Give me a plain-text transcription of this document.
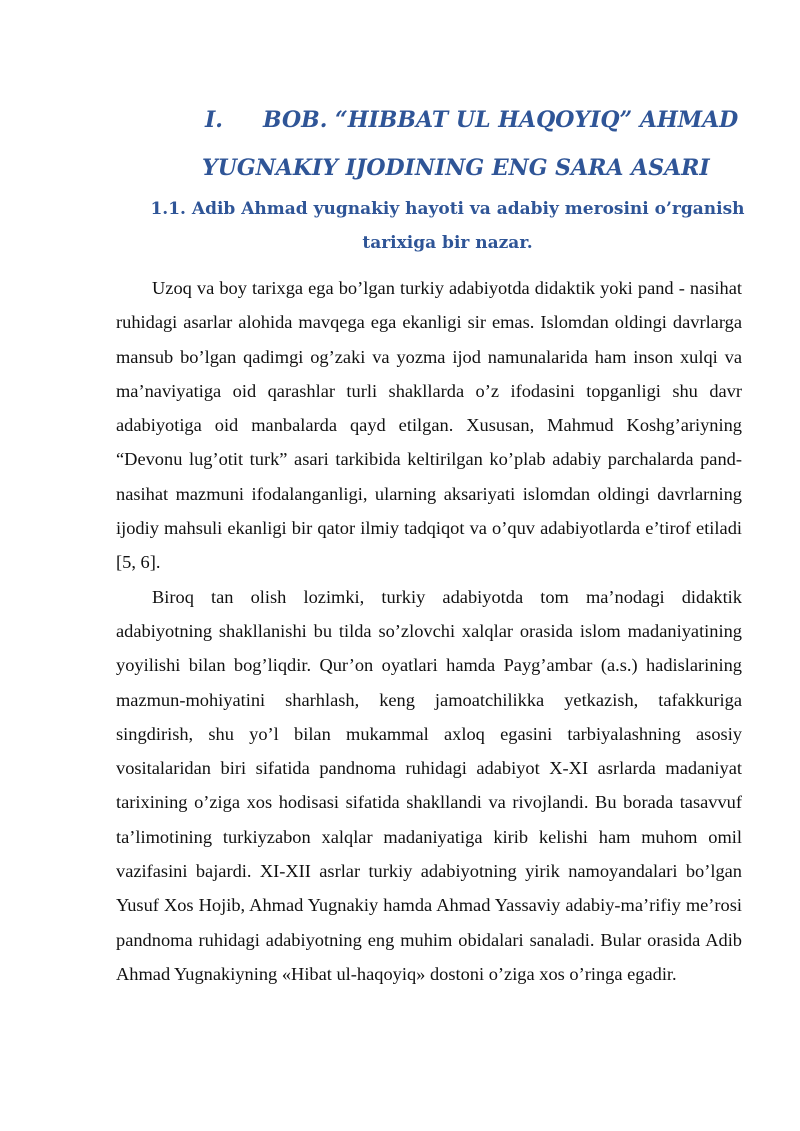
I. BOB. “HIBBAT UL HAQOYIQ” AHMAD
YUGNAKIY IJODINING ENG SARA ASARI
1.1. Adib Ahmad yugnakiy hayoti va adabiy merosini o’rganish tarixiga bir nazar.

Uzoq va boy tarixga ega bo’lgan turkiy adabiyotda didaktik yoki pand - nasihat ruhidagi asarlar alohida mavqega ega ekanligi sir emas. Islomdan oldingi davrlarga mansub bo’lgan qadimgi og’zaki va yozma ijod namunalarida ham inson xulqi va ma’naviyatiga oid qarashlar turli shakllarda o’z ifodasini topganligi shu davr adabiyotiga oid manbalarda qayd etilgan. Xususan, Mahmud Koshg’ariyning “Devonu lug’otit turk” asari tarkibida keltirilgan ko’plab adabiy parchalarda pand-nasihat mazmuni ifodalanganligi, ularning aksariyati islomdan oldingi davrlarning ijodiy mahsuli ekanligi bir qator ilmiy tadqiqot va o’quv adabiyotlarda e’tirof etiladi [5, 6].

Biroq tan olish lozimki, turkiy adabiyotda tom ma’nodagi didaktik adabiyotning shakllanishi bu tilda so’zlovchi xalqlar orasida islom madaniyatining yoyilishi bilan bog’liqdir. Qur’on oyatlari hamda Payg’ambar (a.s.) hadislarining mazmun-mohiyatini sharhlash, keng jamoatchilikka yetkazish, tafakkuriga singdirish, shu yo’l bilan mukammal axloq egasini tarbiyalashning asosiy vositalaridan biri sifatida pandnoma ruhidagi adabiyot X-XI asrlarda madaniyat tarixining o’ziga xos hodisasi sifatida shakllandi va rivojlandi. Bu borada tasavvuf ta’limotining turkiyzabon xalqlar madaniyatiga kirib kelishi ham muhom omil vazifasini bajardi. XI-XII asrlar turkiy adabiyotning yirik namoyandalari bo’lgan Yusuf Xos Hojib, Ahmad Yugnakiy hamda Ahmad Yassaviy adabiy-ma’rifiy me’rosi pandnoma ruhidagi adabiyotning eng muhim obidalari sanaladi. Bular orasida Adib Ahmad Yugnakiyning «Hibat ul-haqoyiq» dostoni o’ziga xos o’ringa egadir.
